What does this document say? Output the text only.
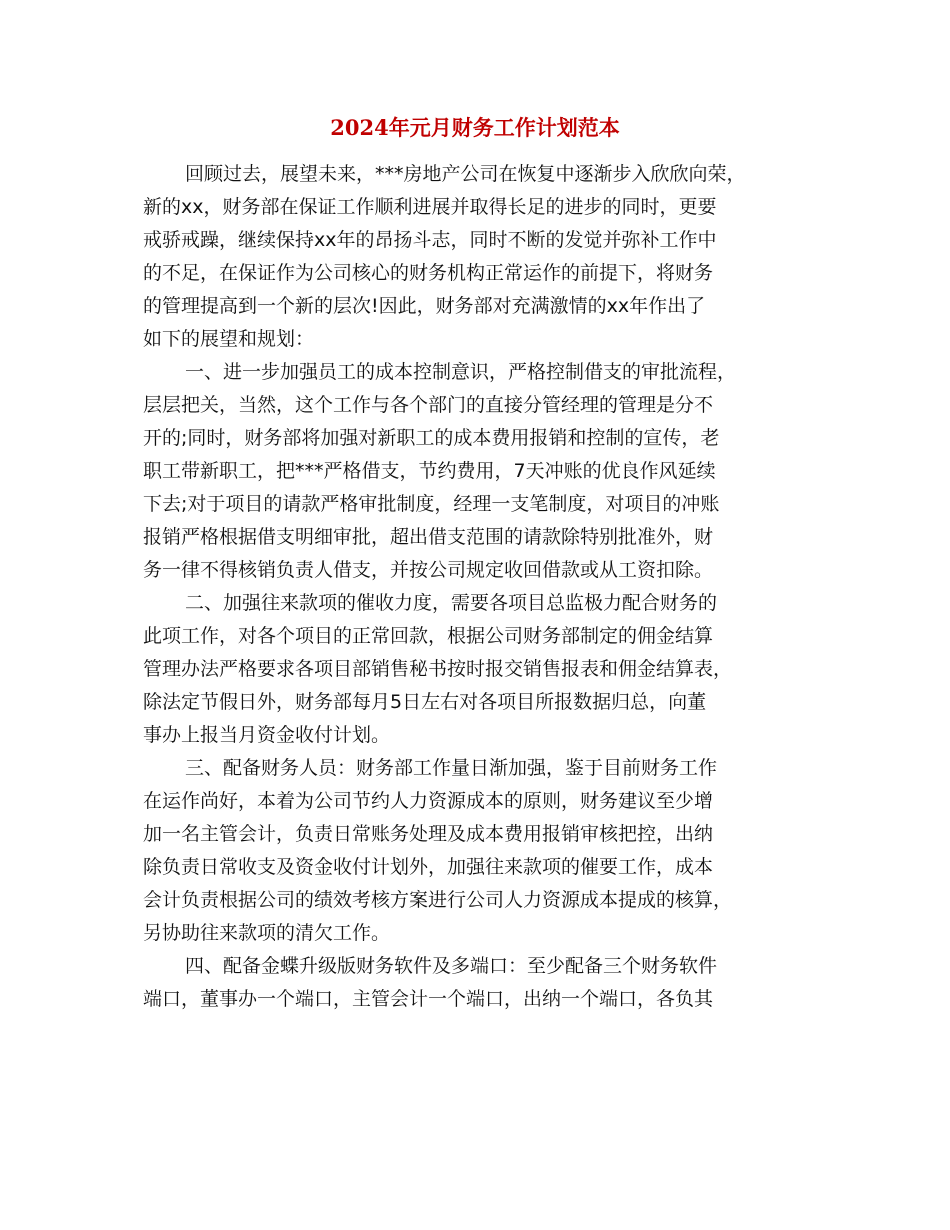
2024年元月财务工作计划范本
回顾过去，展望未来，***房地产公司在恢复中逐渐步入欣欣向荣，
新的xx，财务部在保证工作顺利进展并取得长足的进步的同时，更要
戒骄戒躁，继续保持xx年的昂扬斗志，同时不断的发觉并弥补工作中
的不足，在保证作为公司核心的财务机构正常运作的前提下，将财务
的管理提高到一个新的层次!因此，财务部对充满激情的xx年作出了
如下的展望和规划：
一、进一步加强员工的成本控制意识，严格控制借支的审批流程，
层层把关，当然，这个工作与各个部门的直接分管经理的管理是分不
开的;同时，财务部将加强对新职工的成本费用报销和控制的宣传，老
职工带新职工，把***严格借支，节约费用，7天冲账的优良作风延续
下去;对于项目的请款严格审批制度，经理一支笔制度，对项目的冲账
报销严格根据借支明细审批，超出借支范围的请款除特别批准外，财
务一律不得核销负责人借支，并按公司规定收回借款或从工资扣除。
二、加强往来款项的催收力度，需要各项目总监极力配合财务的
此项工作，对各个项目的正常回款，根据公司财务部制定的佣金结算
管理办法严格要求各项目部销售秘书按时报交销售报表和佣金结算表，
除法定节假日外，财务部每月5日左右对各项目所报数据归总，向董
事办上报当月资金收付计划。
三、配备财务人员：财务部工作量日渐加强，鉴于目前财务工作
在运作尚好，本着为公司节约人力资源成本的原则，财务建议至少增
加一名主管会计，负责日常账务处理及成本费用报销审核把控，出纳
除负责日常收支及资金收付计划外，加强往来款项的催要工作，成本
会计负责根据公司的绩效考核方案进行公司人力资源成本提成的核算，
另协助往来款项的清欠工作。
四、配备金蝶升级版财务软件及多端口：至少配备三个财务软件
端口，董事办一个端口，主管会计一个端口，出纳一个端口，各负其
